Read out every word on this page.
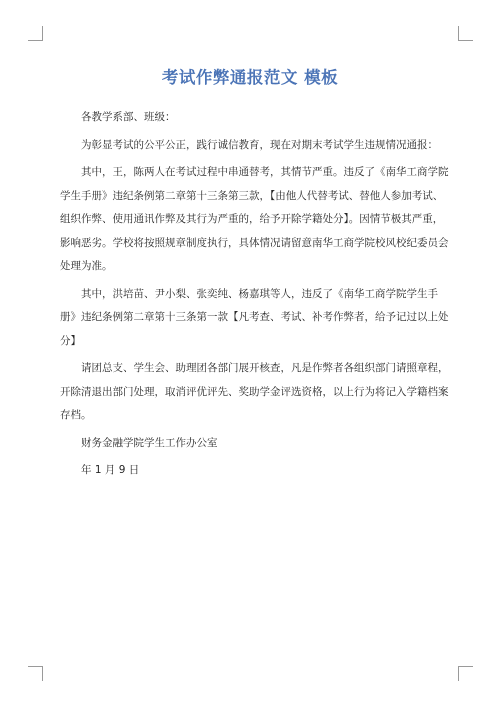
考试作弊通报范文 模板

各教学系部、班级：

为彰显考试的公平公正，践行诚信教育，现在对期末考试学生违规情况通报：

其中，王，陈两人在考试过程中串通替考，其情节严重。违反了《南华工商学院学生手册》违纪条例第二章第十三条第三款，【由他人代替考试、替他人参加考试、组织作弊、使用通讯作弊及其行为严重的，给予开除学籍处分】。因情节极其严重，影响恶劣。学校将按照规章制度执行，具体情况请留意南华工商学院校风校纪委员会处理为准。

其中，洪培苗、尹小梨、张奕纯、杨嘉琪等人，违反了《南华工商学院学生手册》违纪条例第二章第十三条第一款【凡考查、考试、补考作弊者，给予记过以上处分】

请团总支、学生会、助理团各部门展开核查，凡是作弊者各组织部门请照章程，开除清退出部门处理，取消评优评先、奖助学金评选资格，以上行为将记入学籍档案存档。

财务金融学院学生工作办公室

年 1 月 9 日
